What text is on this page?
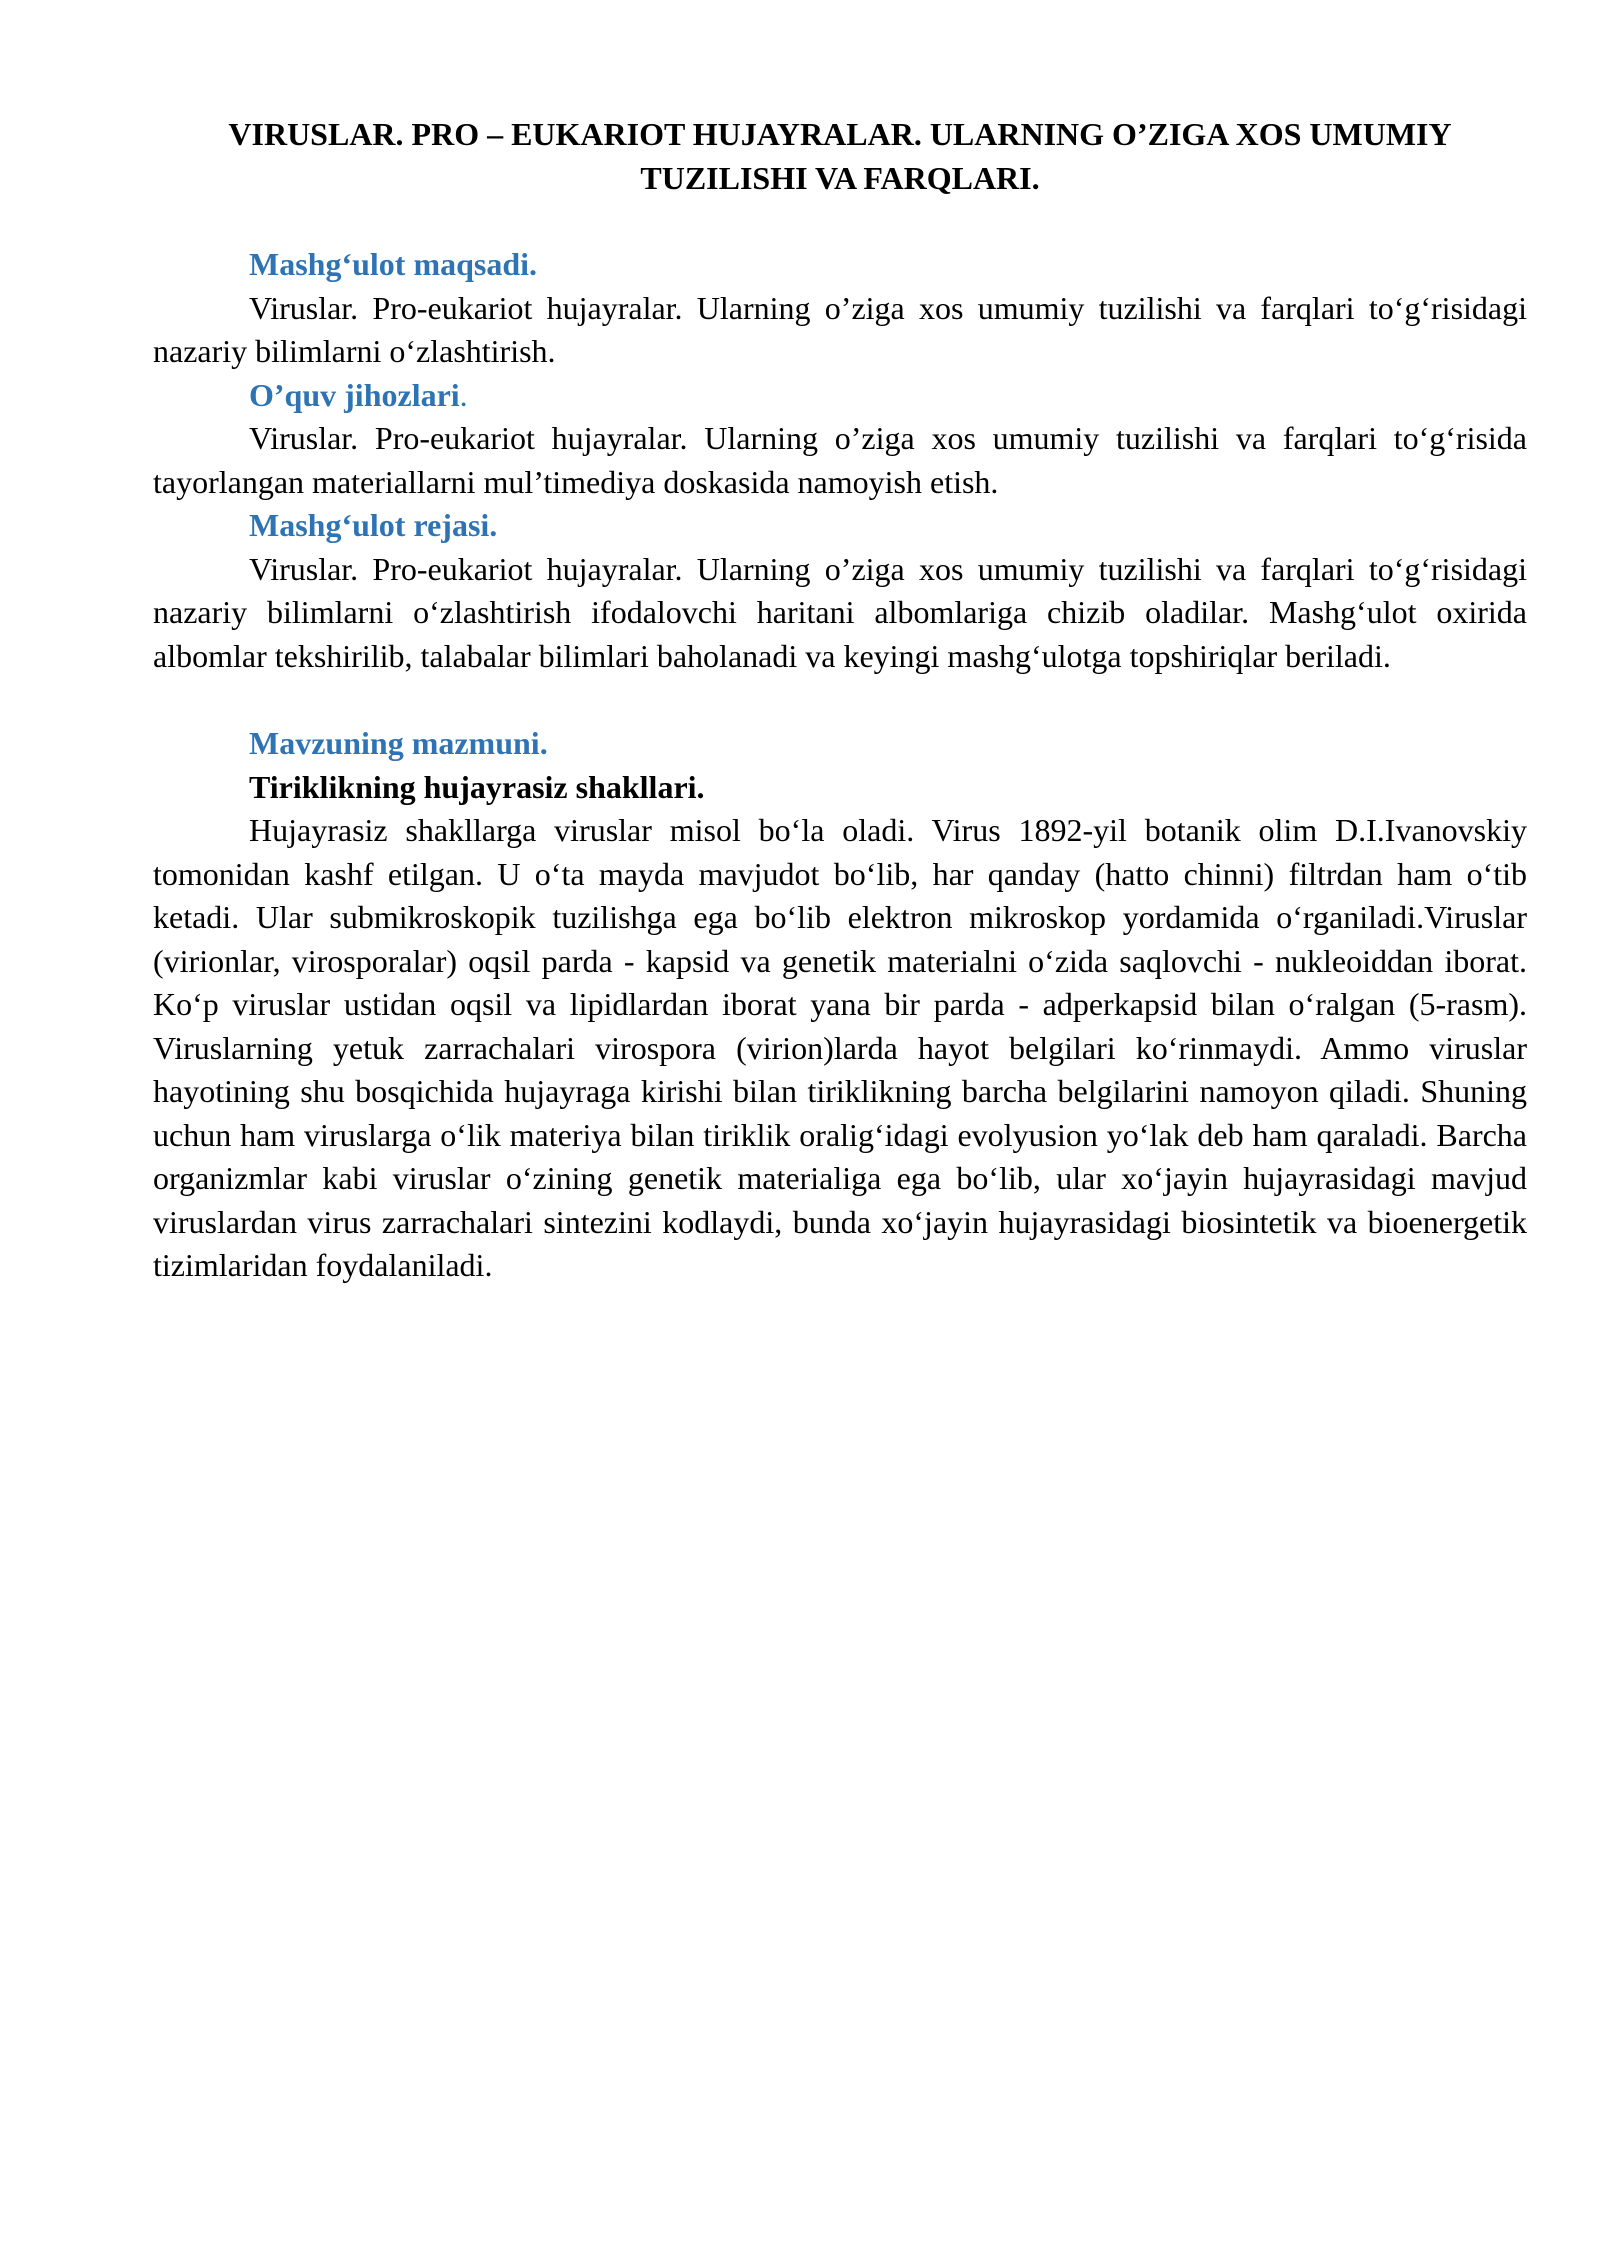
VIRUSLAR. PRO – EUKARIOT HUJAYRALAR. ULARNING O’ZIGA XOS UMUMIY TUZILISHI VA FARQLARI.
Mashg‘ulot maqsadi.

Viruslar. Pro-eukariot hujayralar. Ularning o’ziga xos umumiy tuzilishi va farqlari to‘g‘risidagi nazariy bilimlarni o‘zlashtirish.

O’quv jihozlari.

Viruslar. Pro-eukariot hujayralar. Ularning o’ziga xos umumiy tuzilishi va farqlari to‘g‘risida tayorlangan materiallarni mul’timediya doskasida namoyish etish.

Mashg‘ulot rejasi.

Viruslar. Pro-eukariot hujayralar. Ularning o’ziga xos umumiy tuzilishi va farqlari to‘g‘risidagi nazariy bilimlarni o‘zlashtirish ifodalovchi haritani albomlariga chizib oladilar. Mashg‘ulot oxirida albomlar tekshirilib, talabalar bilimlari baholanadi va keyingi mashg‘ulotga topshiriqlar beriladi.

Mavzuning mazmuni.
Tiriklikning hujayrasiz shakllari.

Hujayrasiz shakllarga viruslar misol bo‘la oladi. Virus 1892-yil botanik olim D.I.Ivanovskiy tomonidan kashf etilgan. U o‘ta mayda mavjudot bo‘lib, har qanday (hatto chinni) filtrdan ham o‘tib ketadi. Ular submikroskopik tuzilishga ega bo‘lib elektron mikroskop yordamida o‘rganiladi.Viruslar (virionlar, virosporalar) oqsil parda - kapsid va genetik materialni o‘zida saqlovchi - nukleoiddan iborat. Ko‘p viruslar ustidan oqsil va lipidlardan iborat yana bir parda - adperkapsid bilan o‘ralgan (5-rasm). Viruslarning yetuk zarrachalari virospora (virion)larda hayot belgilari ko‘rinmaydi. Ammo viruslar hayotining shu bosqichida hujayraga kirishi bilan tiriklikning barcha belgilarini namoyon qiladi. Shuning uchun ham viruslarga o‘lik materiya bilan tiriklik oralig‘idagi evolyusion yo‘lak deb ham qaraladi. Barcha organizmlar kabi viruslar o‘zining genetik materialiga ega bo‘lib, ular xo‘jayin hujayrasidagi mavjud viruslardan virus zarrachalari sintezini kodlaydi, bunda xo‘jayin hujayrasidagi biosintetik va bioenergetik tizimlaridan foydalaniladi.
